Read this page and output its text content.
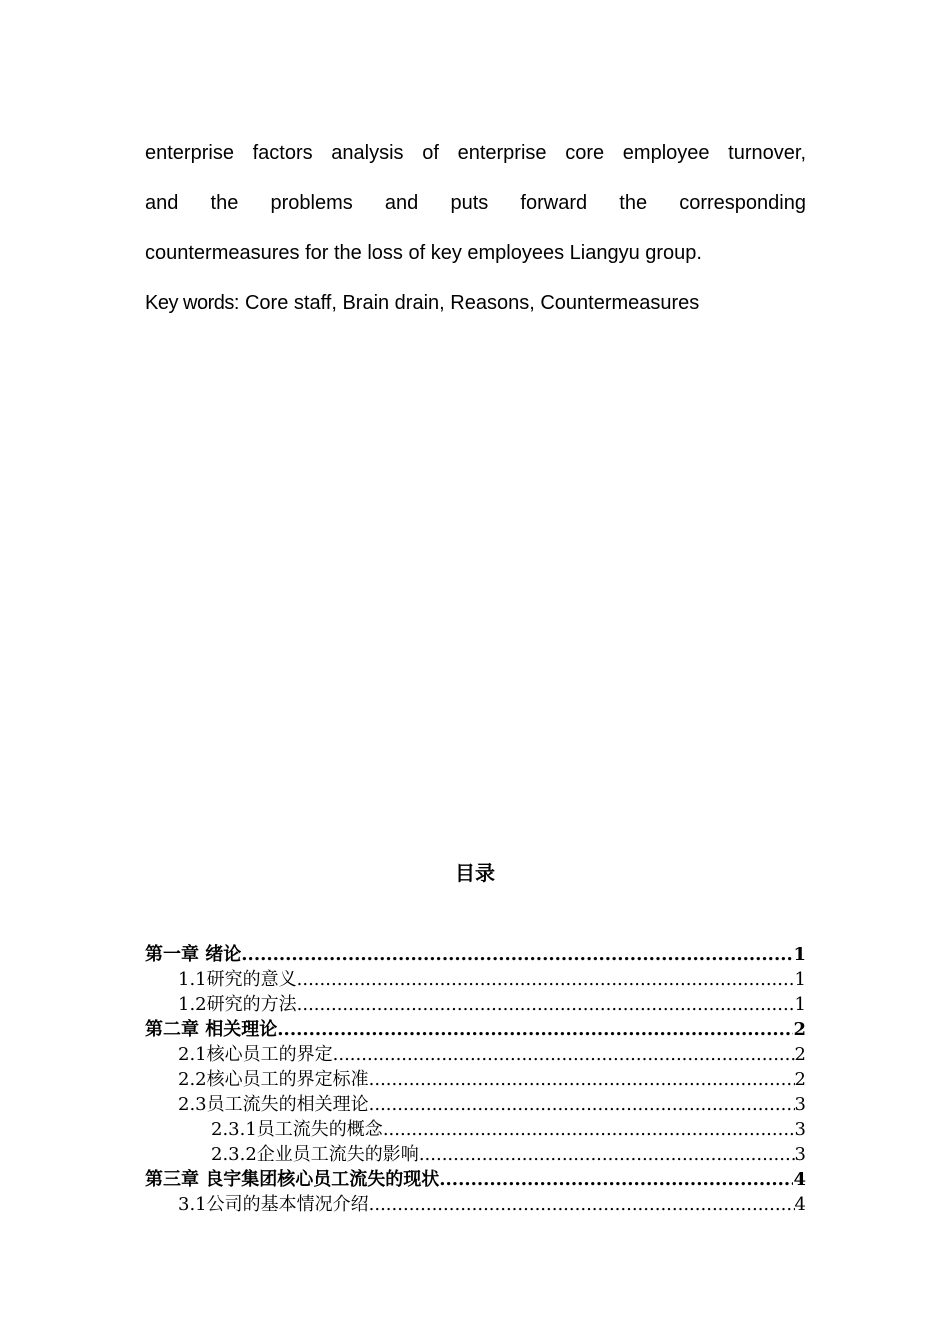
enterprise factors analysis of enterprise core employee turnover,
and the problems and puts forward the corresponding
countermeasures for the loss of key employees Liangyu group.

Key words: Core staff, Brain drain, Reasons, Countermeasures

目录
第一章 绪论 .....	1
1.1研究的意义 .....	1
1.2研究的方法 .....	1
第二章 相关理论 .....	2
2.1核心员工的界定 .....	2
2.2核心员工的界定标准 .....	2
2.3员工流失的相关理论 .....	3
2.3.1员工流失的概念 .....	3
2.3.2企业员工流失的影响 .....	3
第三章 良宇集团核心员工流失的现状 .....	4
3.1公司的基本情况介绍 .....	4
